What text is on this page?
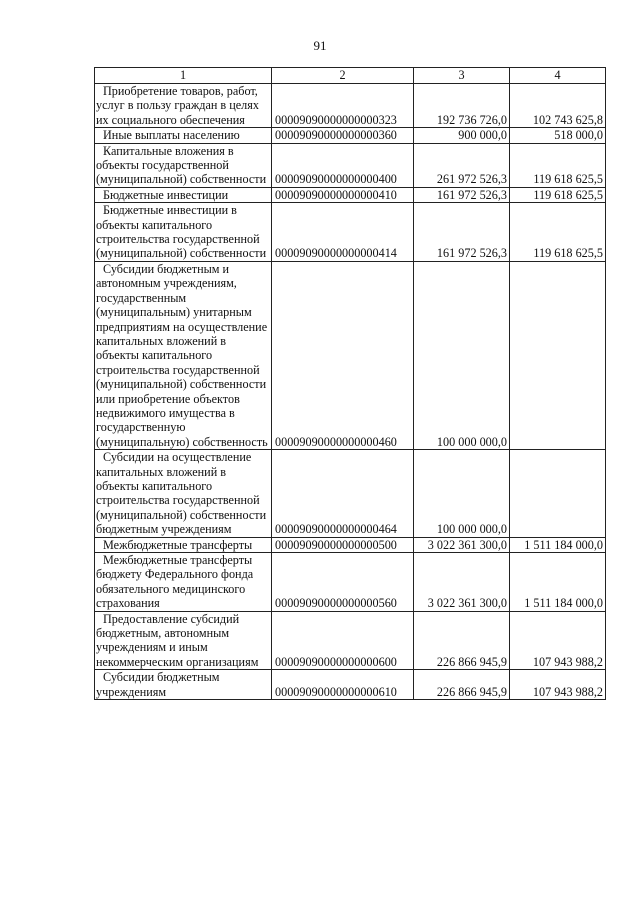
91
1	2	3	4
Приобретение товаров, работ, услуг в пользу граждан в целях их социального обеспечения	00009090000000000323	192 736 726,0	102 743 625,8
Иные выплаты населению	00009090000000000360	900 000,0	518 000,0
Капитальные вложения в объекты государственной (муниципальной) собственности	00009090000000000400	261 972 526,3	119 618 625,5
Бюджетные инвестиции	00009090000000000410	161 972 526,3	119 618 625,5
Бюджетные инвестиции в объекты капитального строительства государственной (муниципальной) собственности	00009090000000000414	161 972 526,3	119 618 625,5
Субсидии бюджетным и автономным учреждениям, государственным (муниципальным) унитарным предприятиям на осуществление капитальных вложений в объекты капитального строительства государственной (муниципальной) собственности или приобретение объектов недвижимого имущества в государственную (муниципальную) собственность	00009090000000000460	100 000 000,0	
Субсидии на осуществление капитальных вложений в объекты капитального строительства государственной (муниципальной) собственности бюджетным учреждениям	00009090000000000464	100 000 000,0	
Межбюджетные трансферты	00009090000000000500	3 022 361 300,0	1 511 184 000,0
Межбюджетные трансферты бюджету Федерального фонда обязательного медицинского страхования	00009090000000000560	3 022 361 300,0	1 511 184 000,0
Предоставление субсидий бюджетным, автономным учреждениям и иным некоммерческим организациям	00009090000000000600	226 866 945,9	107 943 988,2
Субсидии бюджетным учреждениям	00009090000000000610	226 866 945,9	107 943 988,2
